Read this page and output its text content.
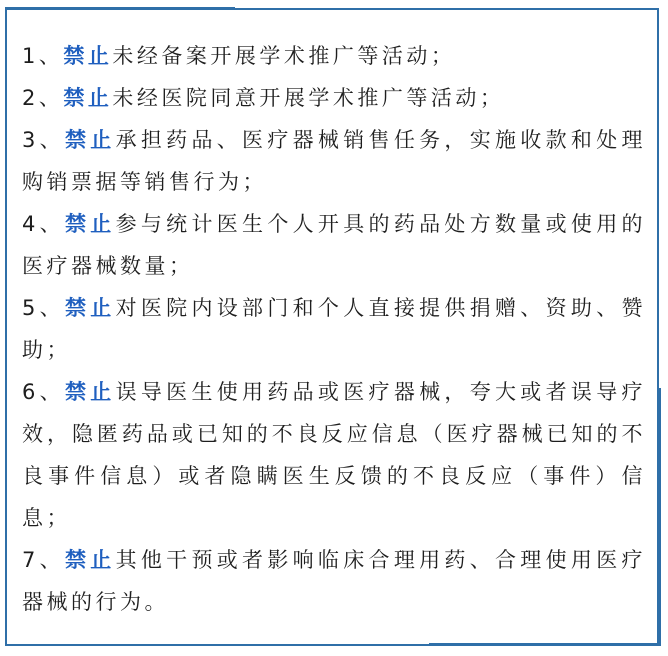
1、禁止未经备案开展学术推广等活动；

2、禁止未经医院同意开展学术推广等活动；

3、禁止承担药品、医疗器械销售任务，实施收款和处理购销票据等销售行为；

4、禁止参与统计医生个人开具的药品处方数量或使用的医疗器械数量；

5、禁止对医院内设部门和个人直接提供捐赠、资助、赞助；

6、禁止误导医生使用药品或医疗器械，夸大或者误导疗效，隐匿药品或已知的不良反应信息（医疗器械已知的不良事件信息）或者隐瞒医生反馈的不良反应（事件）信息；

7、禁止其他干预或者影响临床合理用药、合理使用医疗器械的行为。
